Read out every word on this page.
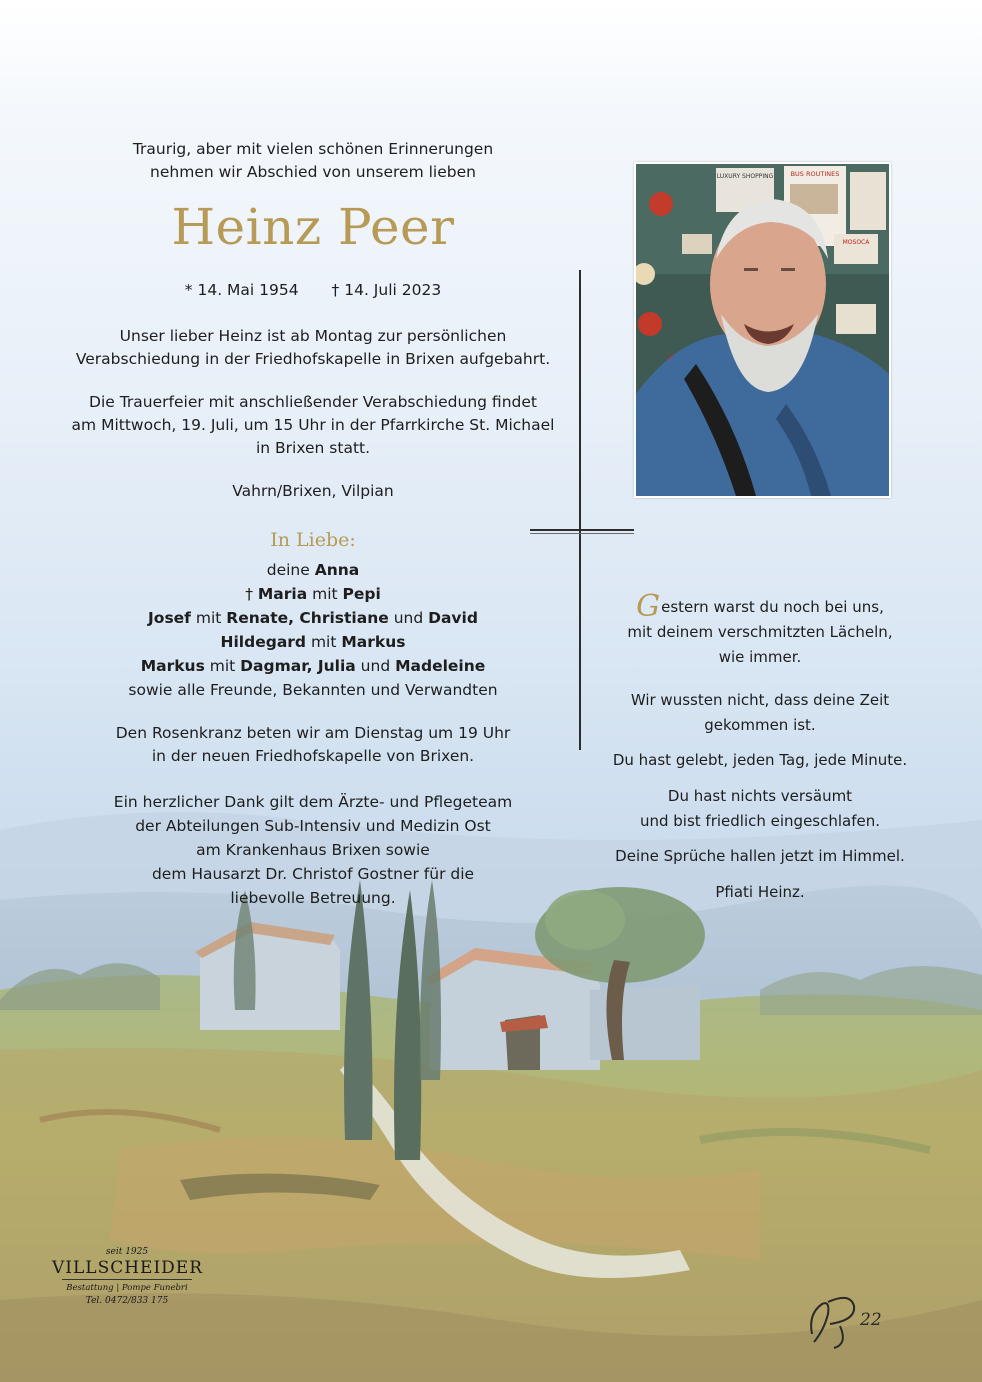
Traurig, aber mit vielen schönen Erinnerungen
nehmen wir Abschied von unserem lieben
Heinz Peer
* 14. Mai 1954 † 14. Juli 2023
Unser lieber Heinz ist ab Montag zur persönlichen
Verabschiedung in der Friedhofskapelle in Brixen aufgebahrt.
Die Trauerfeier mit anschließender Verabschiedung findet
am Mittwoch, 19. Juli, um 15 Uhr in der Pfarrkirche St. Michael
in Brixen statt.
Vahrn/Brixen, Vilpian
In Liebe:
deine Anna
† Maria mit Pepi
Josef mit Renate, Christiane und David
Hildegard mit Markus
Markus mit Dagmar, Julia und Madeleine
sowie alle Freunde, Bekannten und Verwandten
Den Rosenkranz beten wir am Dienstag um 19 Uhr
in der neuen Friedhofskapelle von Brixen.
Ein herzlicher Dank gilt dem Ärzte- und Pflegeteam
der Abteilungen Sub-Intensiv und Medizin Ost
am Krankenhaus Brixen sowie
dem Hausarzt Dr. Christof Gostner für die
liebevolle Betreuung.
LUXURY SHOPPING	BUS ROUTINES
MOSOCA
Gestern warst du noch bei uns,
mit deinem verschmitzten Lächeln,
wie immer.
Wir wussten nicht, dass deine Zeit
gekommen ist.
Du hast gelebt, jeden Tag, jede Minute.
Du hast nichts versäumt
und bist friedlich eingeschlafen.
Deine Sprüche hallen jetzt im Himmel.
Pfiati Heinz.
seit 1925
VILLSCHEIDER
Bestattung | Pompe Funebri
Tel. 0472/833 175
22
